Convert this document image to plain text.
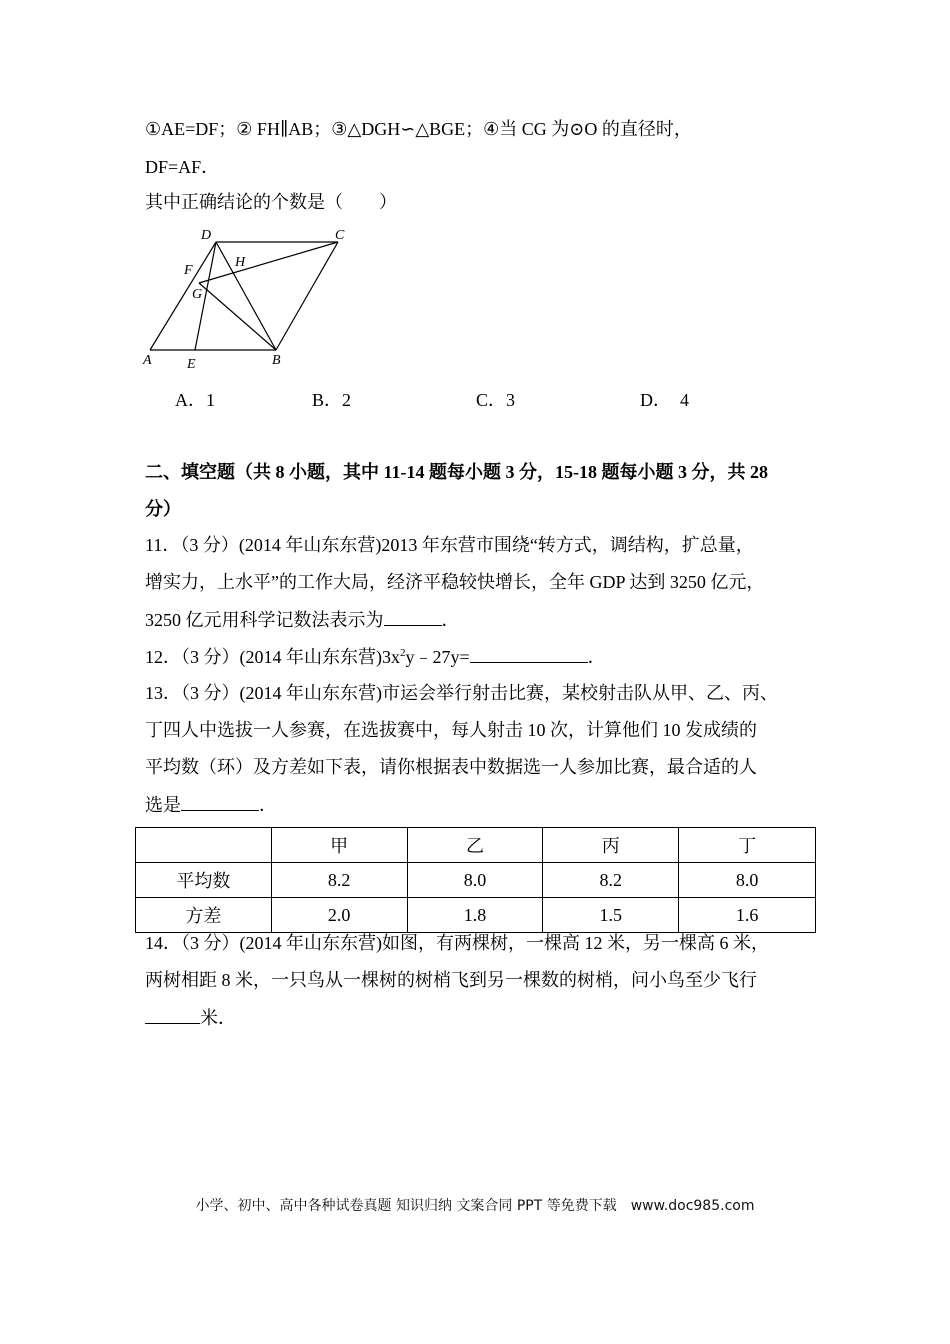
①AE=DF；② FH∥AB；③△DGH∽△BGE；④当 CG 为⊙O 的直径时，
DF=AF．
其中正确结论的个数是（　　）
D	C
F
H
G
A	E	B
A．1	B．2	C．3	D．　4
二、填空题（共 8 小题，其中 11-14 题每小题 3 分，15-18 题每小题 3 分，共 28
分）
11．（3 分）(2014 年山东东营)2013 年东营市围绕“转方式，调结构，扩总量，
增实力，上水平”的工作大局，经济平稳较快增长，全年 GDP 达到 3250 亿元，
3250 亿元用科学记数法表示为	．
12．（3 分）(2014 年山东东营)$3x^2y﹣27y=$	．
13．（3 分）(2014 年山东东营)市运会举行射击比赛，某校射击队从甲、乙、丙、
丁四人中选拔一人参赛，在选拔赛中，每人射击 10 次，计算他们 10 发成绩的
平均数（环）及方差如下表，请你根据表中数据选一人参加比赛，最合适的人
选是	．
	甲	乙	丙	丁
平均数	8.2	8.0	8.2	8.0
方差	2.0	1.8	1.5	1.6
14．（3 分）(2014 年山东东营)如图，有两棵树，一棵高 12 米，另一棵高 6 米，
两树相距 8 米，一只鸟从一棵树的树梢飞到另一棵数的树梢，问小鸟至少飞行
米．
小学、初中、高中各种试卷真题 知识归纳 文案合同 PPT 等免费下载　www.doc985.com
